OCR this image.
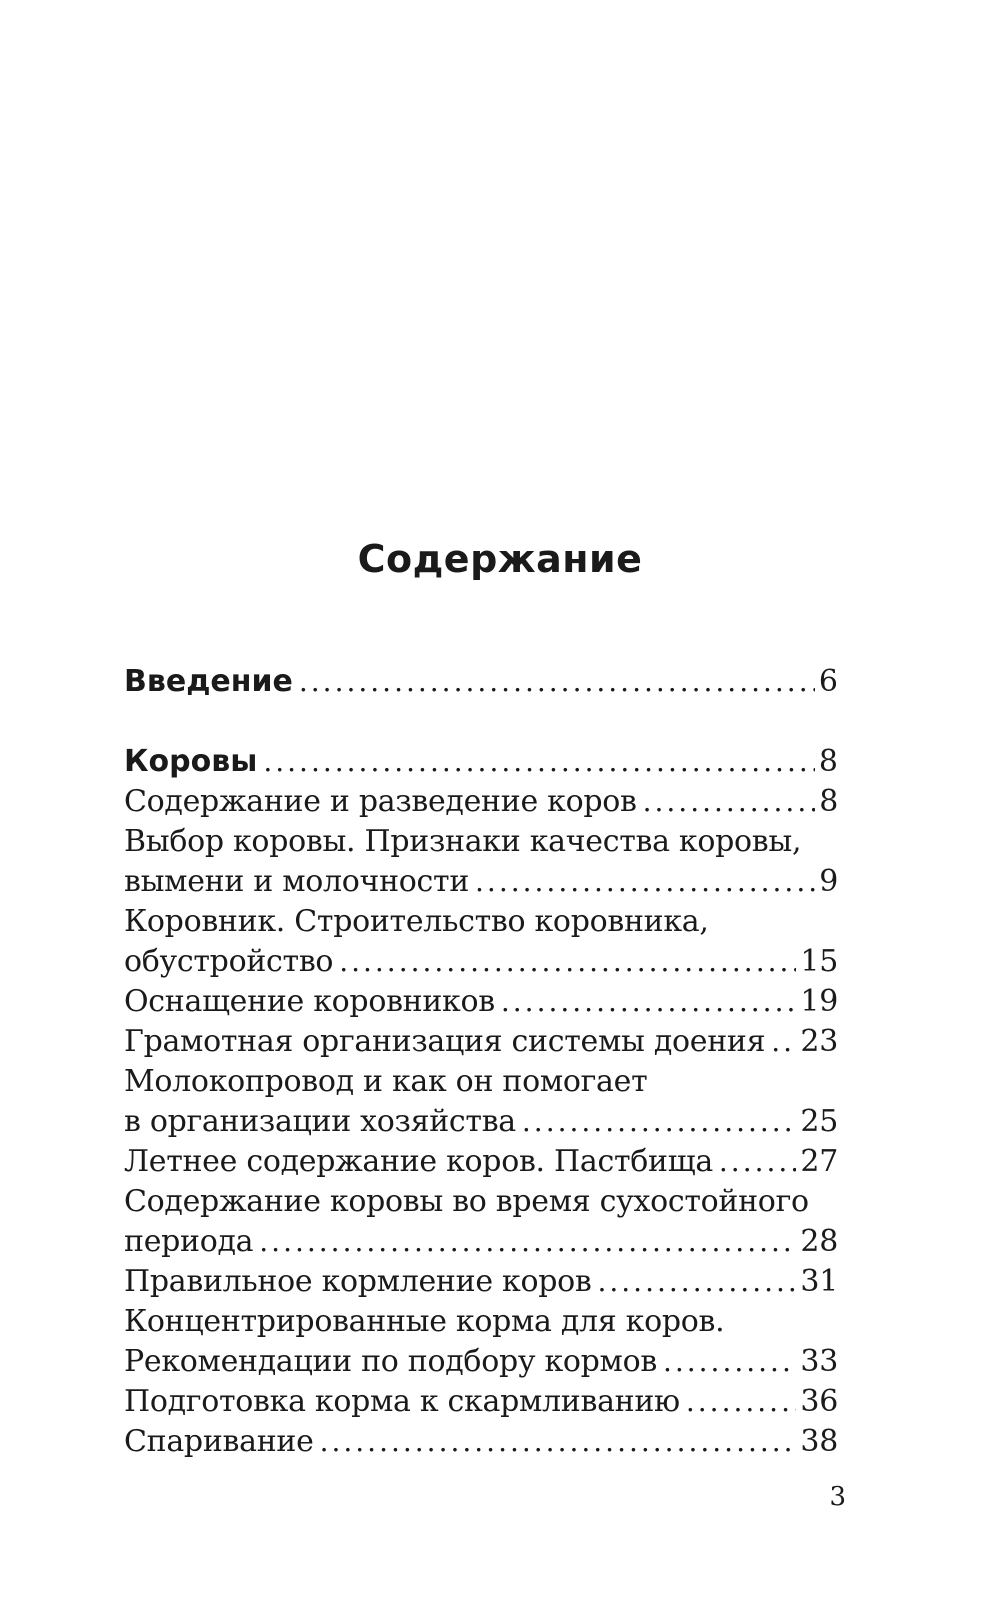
Содержание
Введение .....	6
Коровы .....	8
Содержание и разведение коров .....	8
Выбор коровы. Признаки качества коровы,
вымени и молочности .....	9
Коровник. Строительство коровника,
обустройство .....	15
Оснащение коровников .....	19
Грамотная организация системы доения ..... 23
Молокопровод и как он помогает
в организации хозяйства .....	25
Летнее содержание коров. Пастбища .....	27
Содержание коровы во время сухостойного
периода .....	28
Правильное кормление коров .....	31
Концентрированные корма для коров.
Рекомендации по подбору кормов .....	33
Подготовка корма к скармливанию .....	36
Спаривание .....	38
3
